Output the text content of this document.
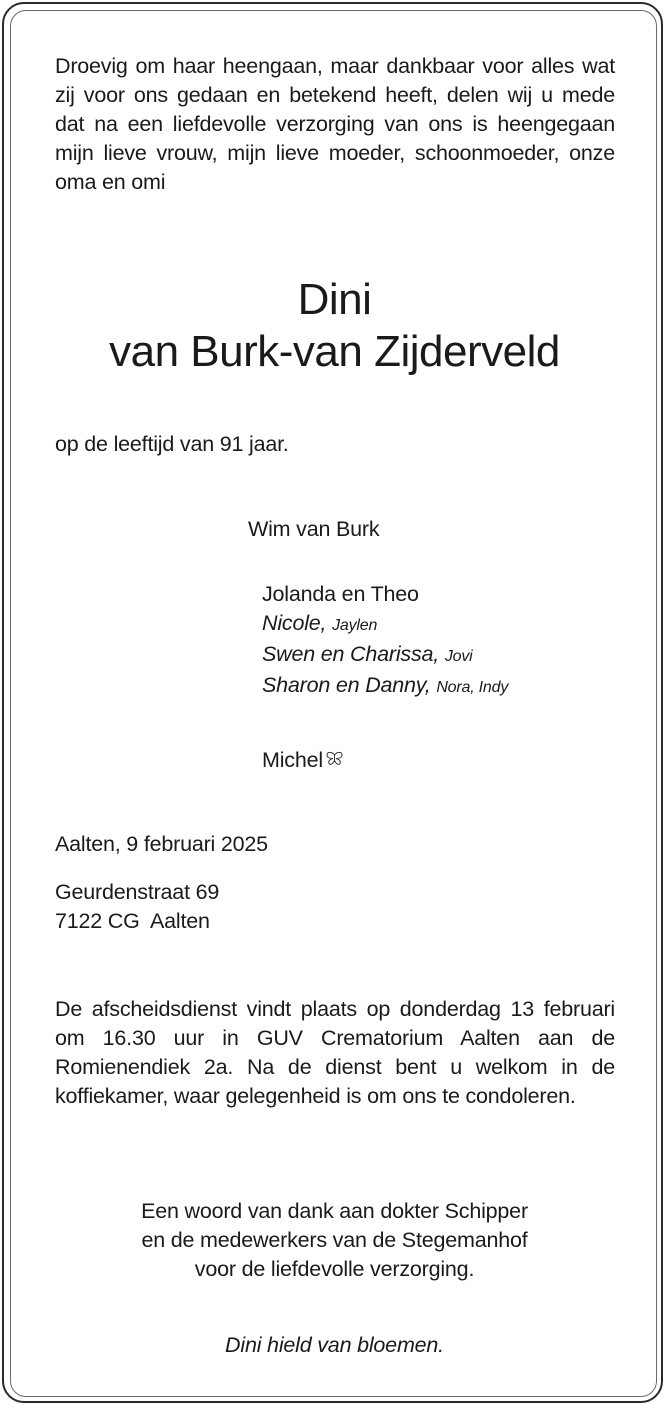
Droevig om haar heengaan, maar dankbaar voor alles wat zij voor ons gedaan en betekend heeft, delen wij u mede dat na een liefdevolle verzorging van ons is heengegaan mijn lieve vrouw, mijn lieve moeder, schoonmoeder, onze oma en omi

Dini
van Burk-van Zijderveld
op de leeftijd van 91 jaar.
Wim van Burk
Jolanda en Theo
Nicole, Jaylen
Swen en Charissa, Jovi
Sharon en Danny, Nora, Indy
Michel
Aalten, 9 februari 2025
Geurdenstraat 69
7122 CG  Aalten

De afscheidsdienst vindt plaats op donderdag 13 februari om 16.30 uur in GUV Crematorium Aalten aan de Romienendiek 2a. Na de dienst bent u welkom in de koffiekamer, waar gelegenheid is om ons te condoleren.

Een woord van dank aan dokter Schipper
en de medewerkers van de Stegemanhof
voor de liefdevolle verzorging.
Dini hield van bloemen.
